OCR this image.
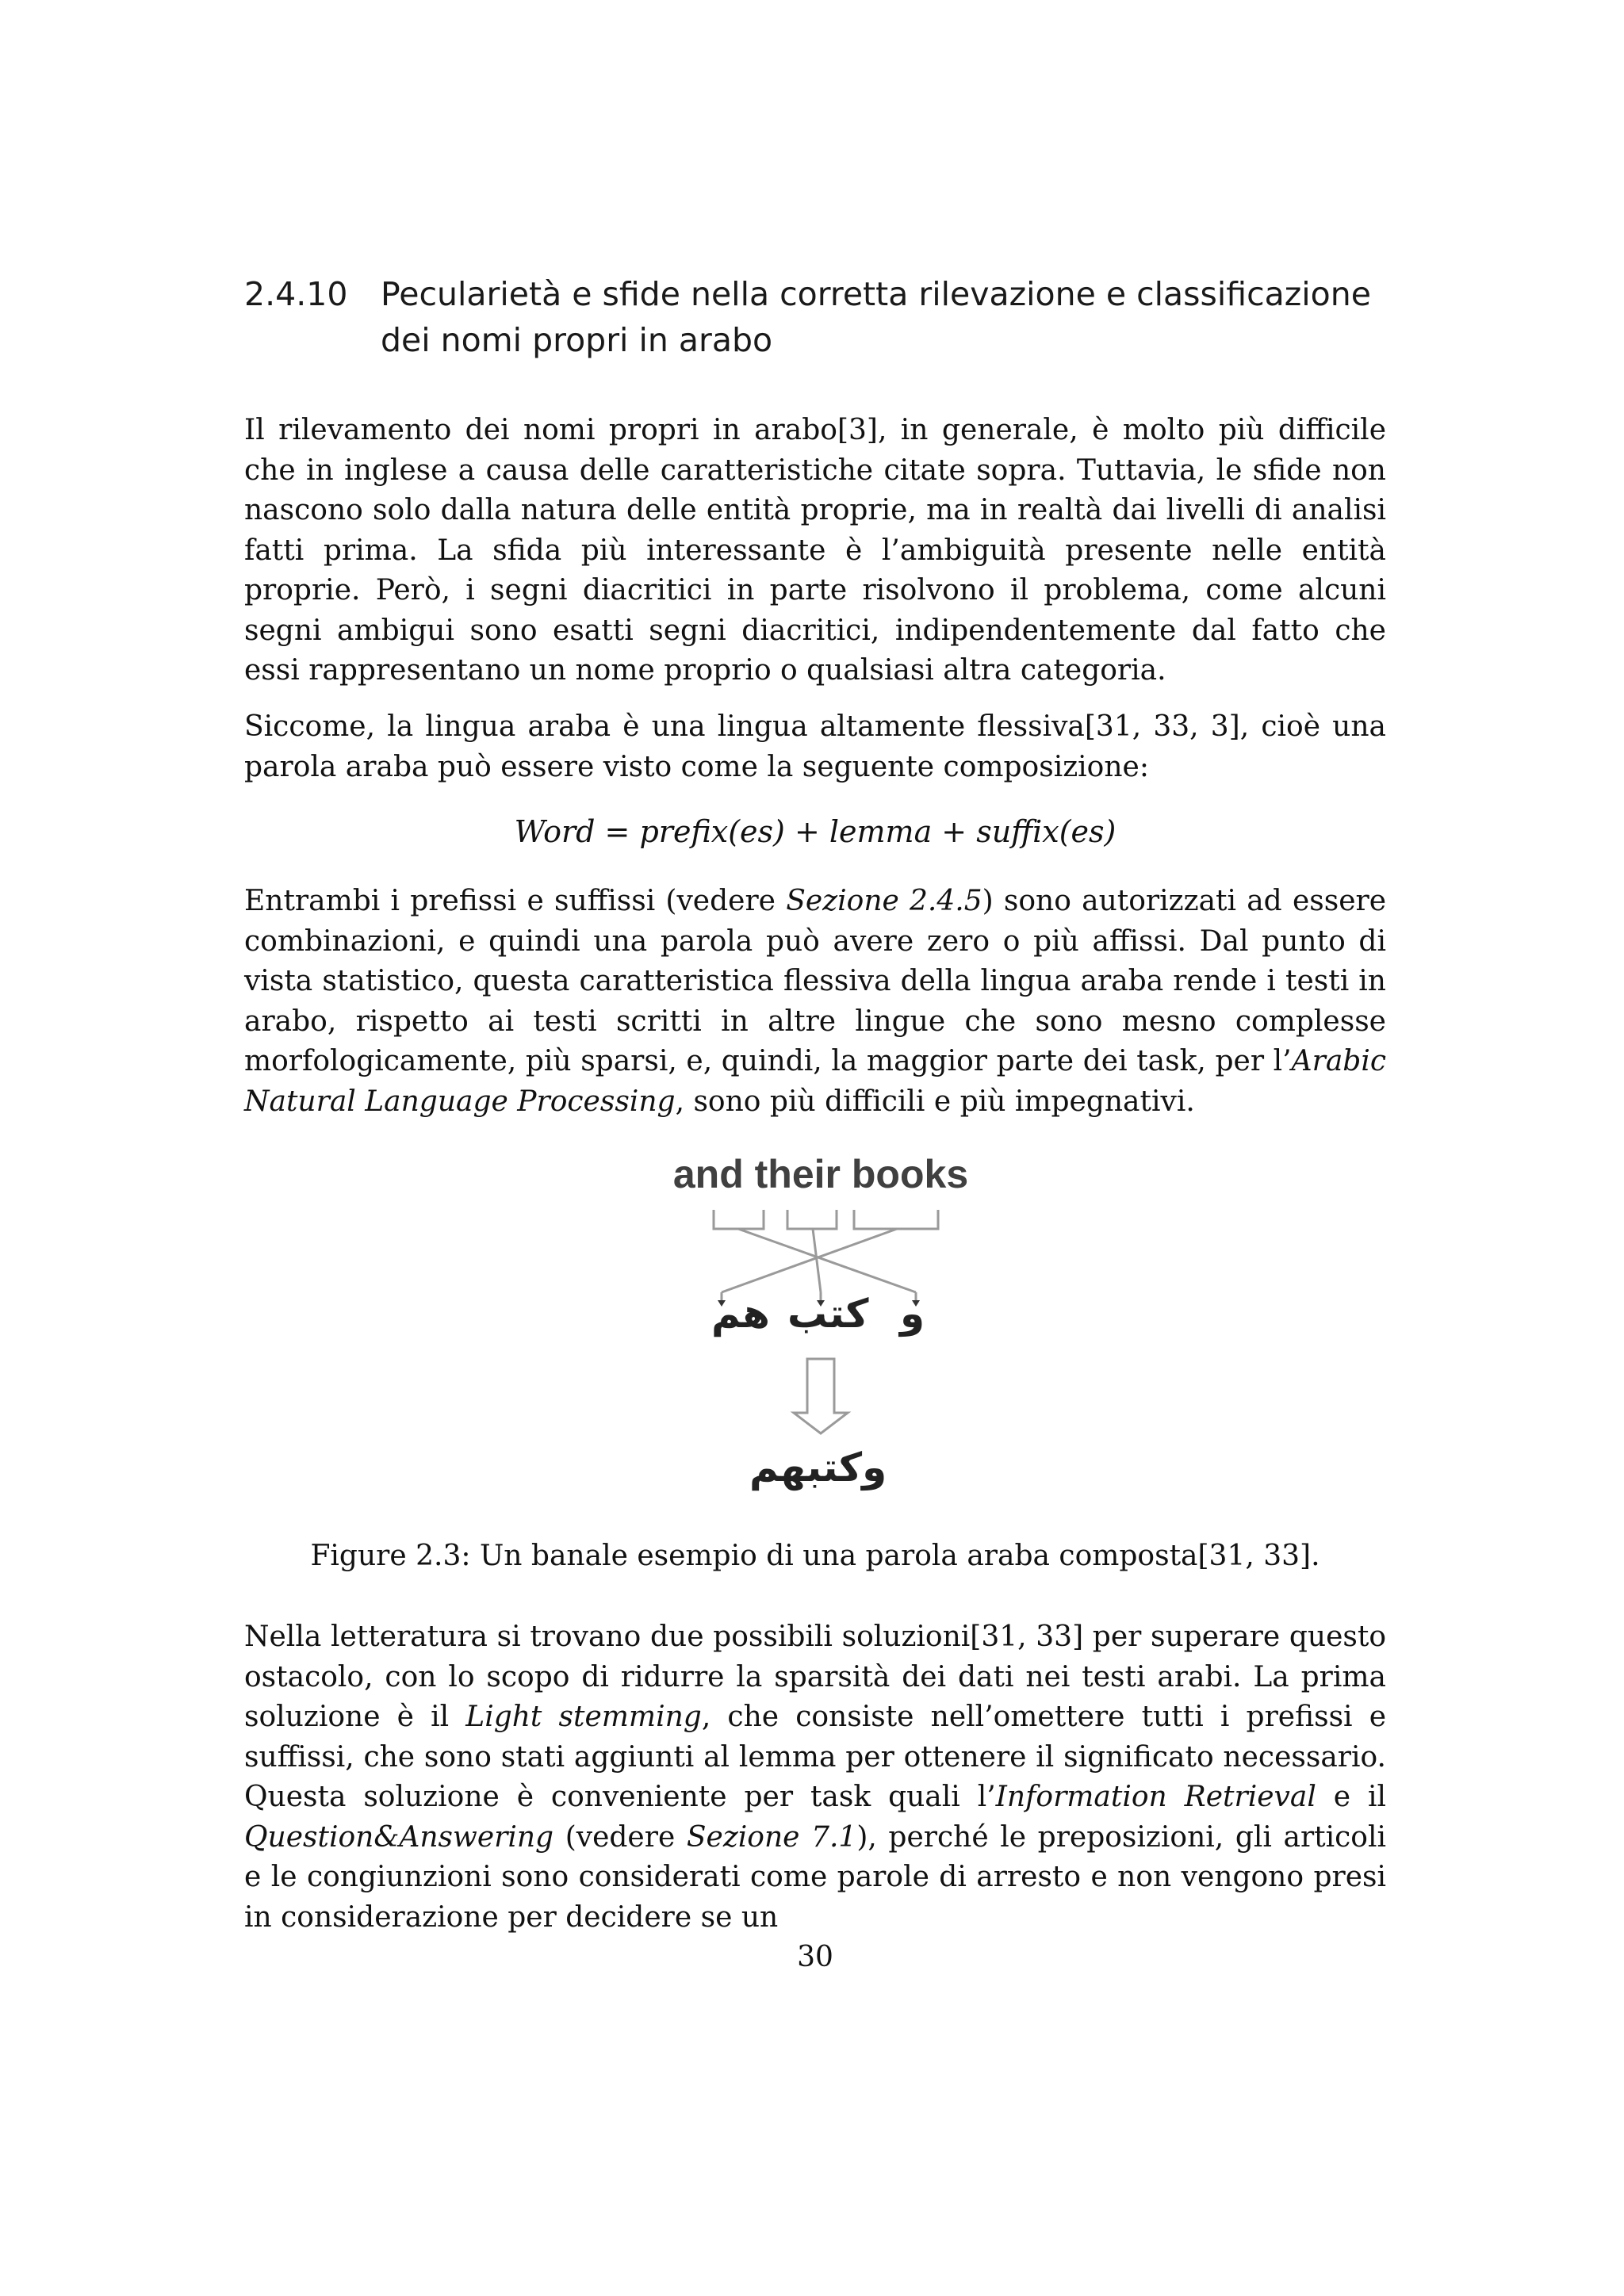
2.4.10 Pecularietà e sfide nella corretta rilevazione e classificazione dei nomi propri in arabo

Il rilevamento dei nomi propri in arabo[3], in generale, è molto più difficile che in inglese a causa delle caratteristiche citate sopra. Tuttavia, le sfide non nascono solo dalla natura delle entità proprie, ma in realtà dai livelli di analisi fatti prima. La sfida più interessante è l’ambiguità presente nelle entità proprie. Però, i segni diacritici in parte risolvono il problema, come alcuni segni ambigui sono esatti segni diacritici, indipendentemente dal fatto che essi rappresentano un nome proprio o qualsiasi altra categoria.

Siccome, la lingua araba è una lingua altamente flessiva[31, 33, 3], cioè una parola araba può essere visto come la seguente composizione:

Word = prefix(es) + lemma + suffix(es)

Entrambi i prefissi e suffissi (vedere Sezione 2.4.5) sono autorizzati ad essere combinazioni, e quindi una parola può avere zero o più affissi. Dal punto di vista statistico, questa caratteristica flessiva della lingua araba rende i testi in arabo, rispetto ai testi scritti in altre lingue che sono mesno complesse morfologicamente, più sparsi, e, quindi, la maggior parte dei task, per l’Arabic Natural Language Processing, sono più difficili e più impegnativi.

and their books
هم كتب و
وكتبهم
Figure 2.3: Un banale esempio di una parola araba composta[31, 33].

Nella letteratura si trovano due possibili soluzioni[31, 33] per superare questo ostacolo, con lo scopo di ridurre la sparsità dei dati nei testi arabi. La prima soluzione è il Light stemming, che consiste nell’omettere tutti i prefissi e suffissi, che sono stati aggiunti al lemma per ottenere il significato necessario. Questa soluzione è conveniente per task quali l’Information Retrieval e il Question&Answering (vedere Sezione 7.1), perché le preposizioni, gli articoli e le congiunzioni sono considerati come parole di arresto e non vengono presi in considerazione per decidere se un

30
